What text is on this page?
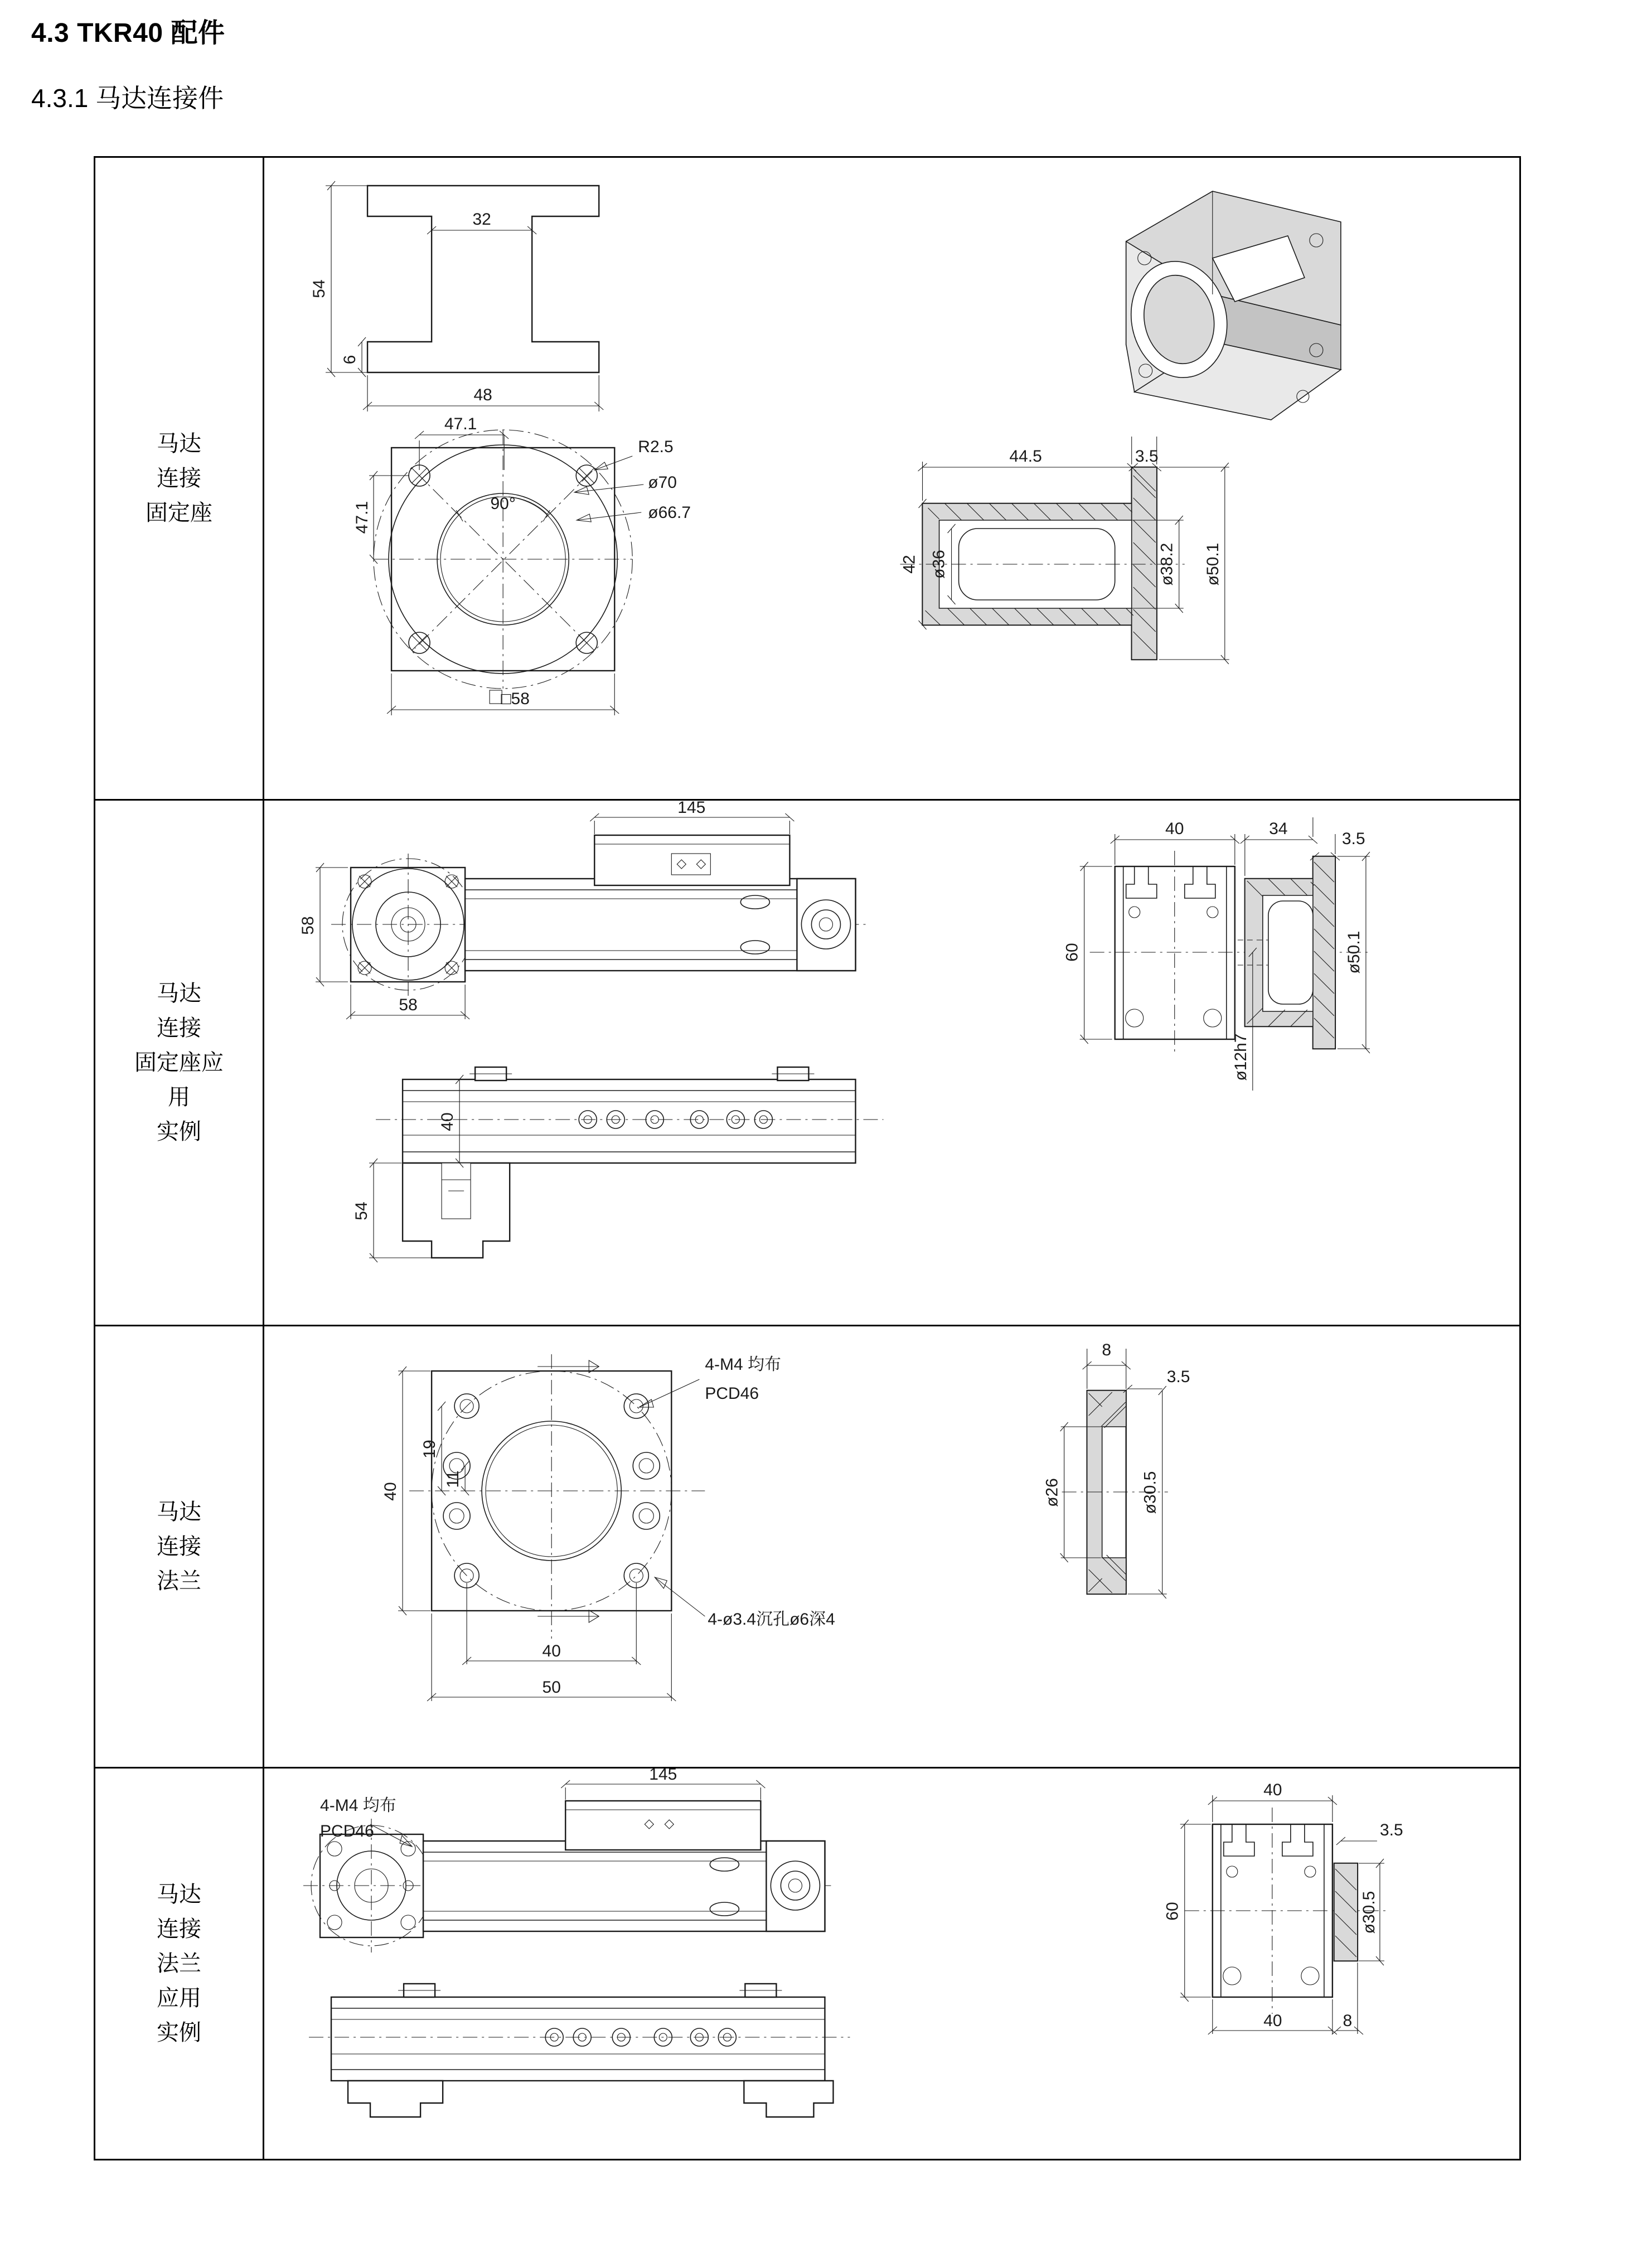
4.3 TKR40 配件
4.3.1 马达连接件
马达
连接
固定座

54
6
32
48
90°
47.1
47.1
□58
R2.5
ø70
ø66.7
44.5	3.5
42 ø36	ø38.2 ø50.1

马达
连接
固定座应
用
实例

145
58
58
40
54
40	34
3.5
60	ø50.1
ø12h7

马达
连接
法兰

4-M4 均布
PCD46
4-ø3.4沉孔ø6深4
40
19
11
40
50
8
3.5
ø26	ø30.5

马达
连接
法兰
应用
实例

145
4-M4 均布
PCD46
40
3.5
60	ø30.5
40	8
